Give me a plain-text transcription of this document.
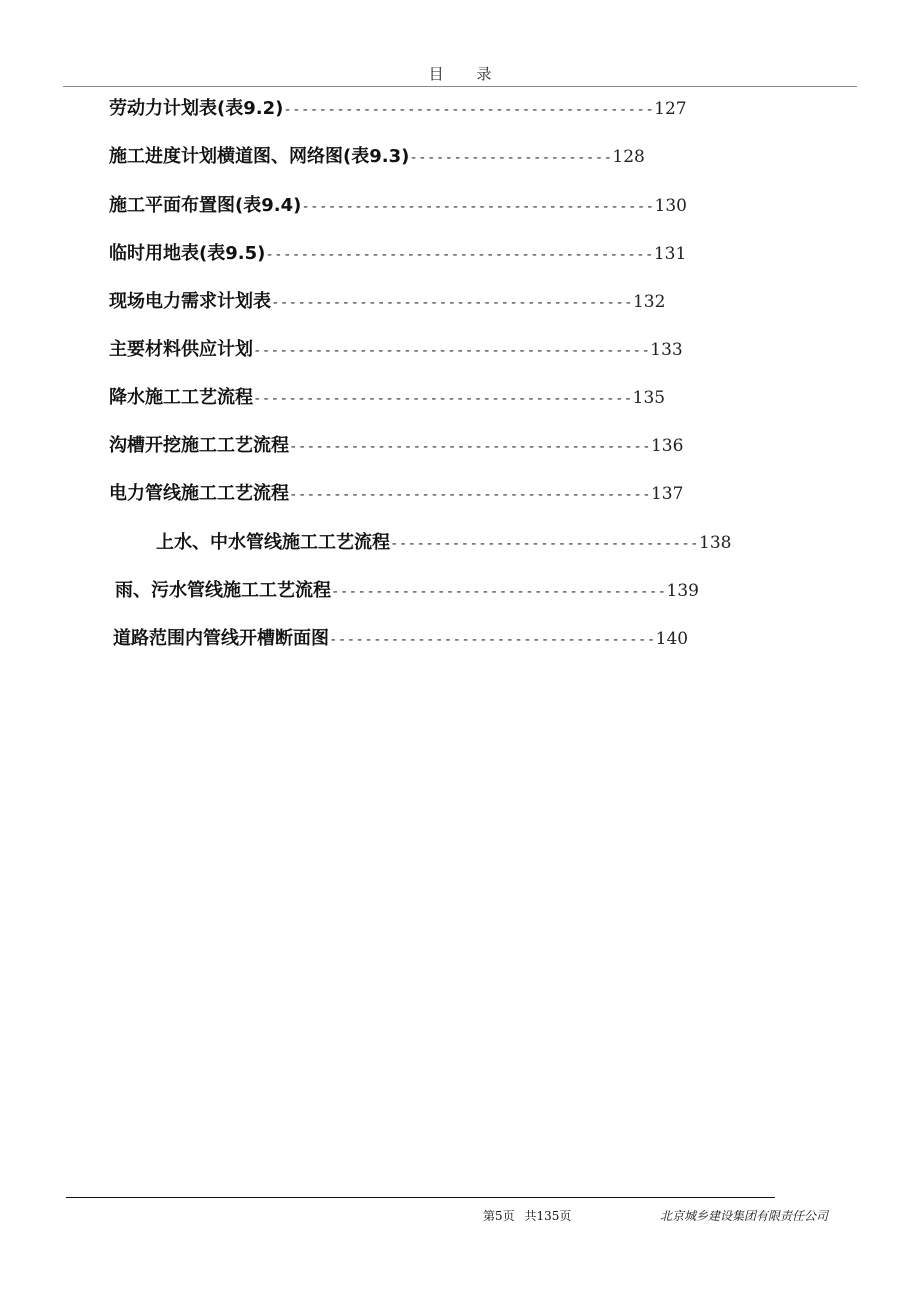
目 录
劳动力计划表(表9.2)------------------------------------------127
施工进度计划横道图、网络图(表9.3)-----------------------128
施工平面布置图(表9.4)----------------------------------------130
临时用地表(表9.5)--------------------------------------------131
现场电力需求计划表-----------------------------------------132
主要材料供应计划---------------------------------------------133
降水施工工艺流程-------------------------------------------135
沟槽开挖施工工艺流程-----------------------------------------136
电力管线施工工艺流程-----------------------------------------137
上水、中水管线施工工艺流程-----------------------------------138
雨、污水管线施工工艺流程--------------------------------------139
道路范围内管线开槽断面图-------------------------------------140
第5页 共135页	北京城乡建设集团有限责任公司
